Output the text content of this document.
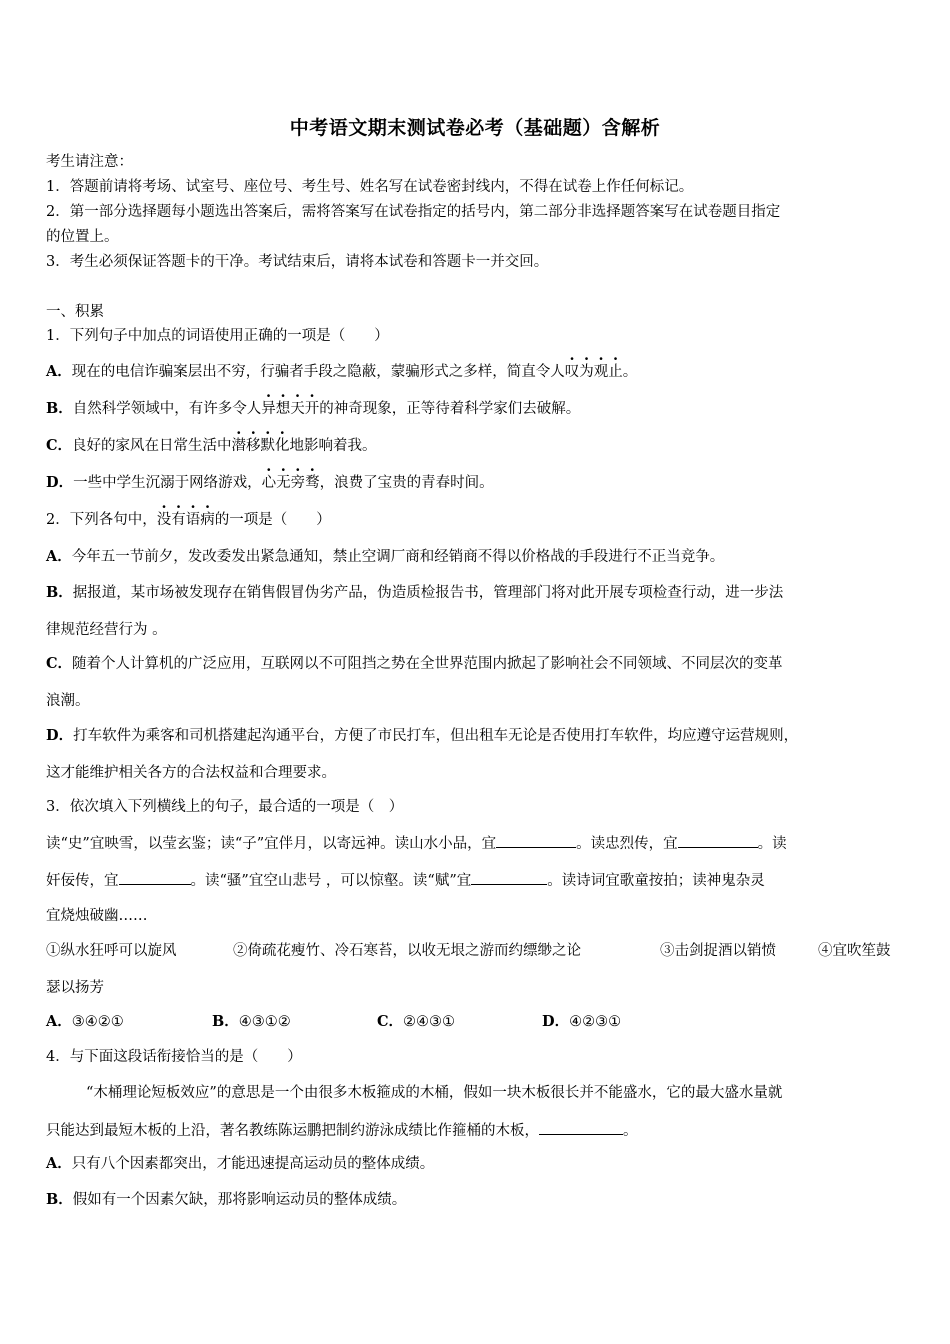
中考语文期末测试卷必考（基础题）含解析
考生请注意：
1．答题前请将考场、试室号、座位号、考生号、姓名写在试卷密封线内，不得在试卷上作任何标记。
2．第一部分选择题每小题选出答案后，需将答案写在试卷指定的括号内，第二部分非选择题答案写在试卷题目指定
的位置上。
3．考生必须保证答题卡的干净。考试结束后，请将本试卷和答题卡一并交回。
一、积累
1．下列句子中加点的词语使用正确的一项是（　　）
A．现在的电信诈骗案层出不穷，行骗者手段之隐蔽，蒙骗形式之多样，简直令人叹为观止。
B．自然科学领域中，有许多令人异想天开的神奇现象，正等待着科学家们去破解。
C．良好的家风在日常生活中潜移默化地影响着我。
D．一些中学生沉溺于网络游戏，心无旁骛，浪费了宝贵的青春时间。
2．下列各句中，没有语病的一项是（　　）
A．今年五一节前夕，发改委发出紧急通知，禁止空调厂商和经销商不得以价格战的手段进行不正当竞争。
B．据报道，某市场被发现存在销售假冒伪劣产品，伪造质检报告书，管理部门将对此开展专项检查行动，进一步法
律规范经营行为 。
C．随着个人计算机的广泛应用，互联网以不可阻挡之势在全世界范围内掀起了影响社会不同领域、不同层次的变革
浪潮。
D．打车软件为乘客和司机搭建起沟通平台，方便了市民打车，但出租车无论是否使用打车软件，均应遵守运营规则，
这才能维护相关各方的合法权益和合理要求。
3．依次填入下列横线上的句子，最合适的一项是（　）
读“史”宜映雪，以莹玄鉴；读“子”宜伴月，以寄远神。读山水小品，宜	。读忠烈传，宜	。读
奸佞传，宜	。读“骚”宜空山悲号 ，可以惊壑。读“赋”宜	。读诗词宜歌童按拍；读神鬼杂灵
宜烧烛破幽……
①纵水狂呼可以旋风	②倚疏花瘦竹、冷石寒苔，以收无垠之游而约缥缈之论	③击剑捉酒以销愤	④宜吹笙鼓
瑟以扬芳
A．③④②①	B．④③①②	C．②④③①	D．④②③①
4．与下面这段话衔接恰当的是（　　）
“木桶理论短板效应”的意思是一个由很多木板箍成的木桶，假如一块木板很长并不能盛水，它的最大盛水量就
只能达到最短木板的上沿，著名教练陈运鹏把制约游泳成绩比作箍桶的木板，	。
A．只有八个因素都突出，才能迅速提高运动员的整体成绩。
B．假如有一个因素欠缺，那将影响运动员的整体成绩。
